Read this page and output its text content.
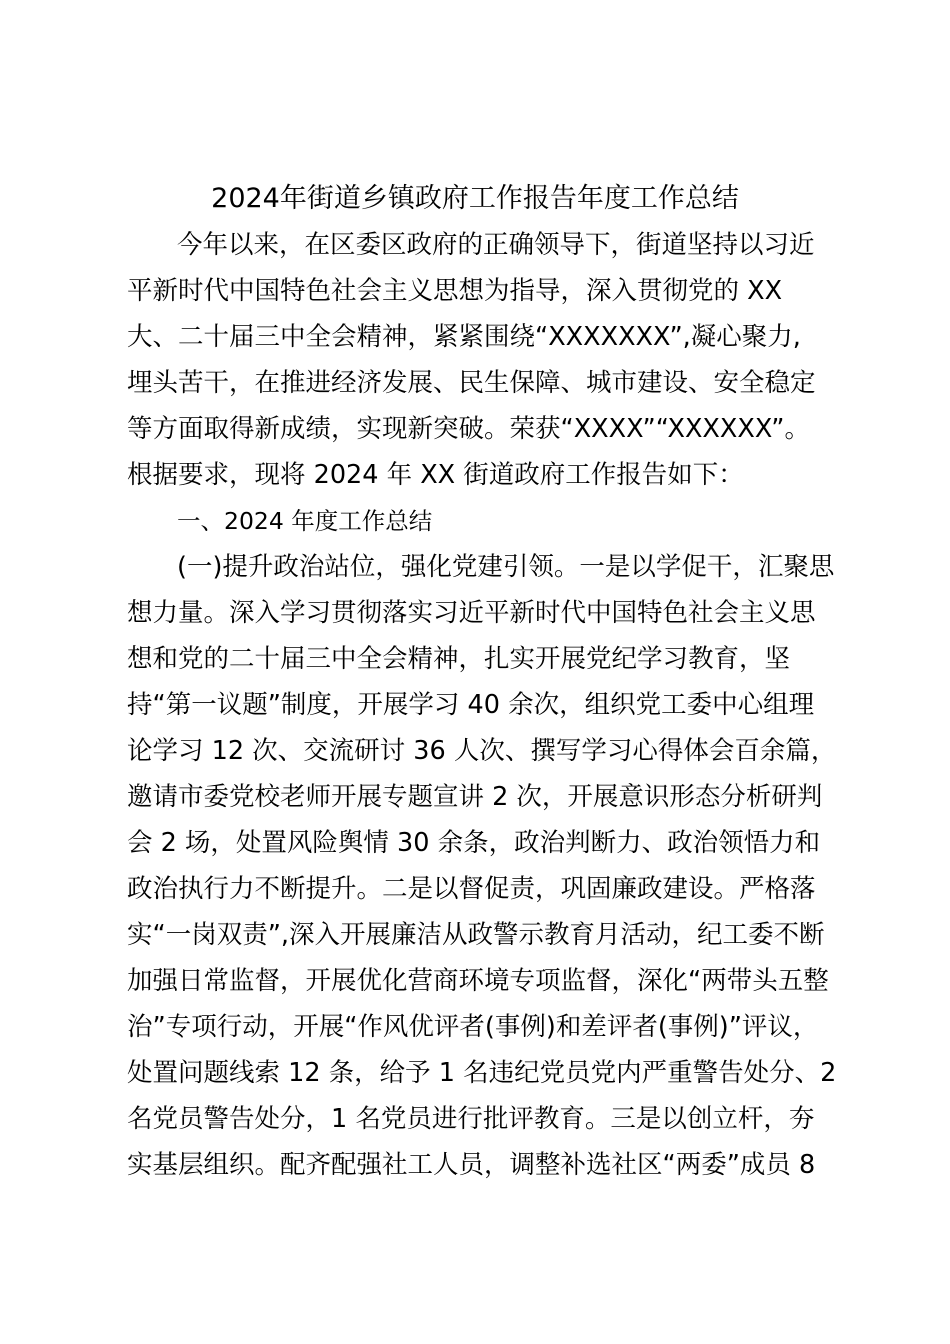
2024年街道乡镇政府工作报告年度工作总结
今年以来，在区委区政府的正确领导下，街道坚持以习近
平新时代中国特色社会主义思想为指导，深入贯彻党的 XX
大、二十届三中全会精神，紧紧围绕“XXXXXXX”,凝心聚力,
埋头苦干，在推进经济发展、民生保障、城市建设、安全稳定
等方面取得新成绩，实现新突破。荣获“XXXX”“XXXXXX”。
根据要求，现将 2024 年 XX 街道政府工作报告如下：
一、2024 年度工作总结
(一)提升政治站位，强化党建引领。一是以学促干，汇聚思
想力量。深入学习贯彻落实习近平新时代中国特色社会主义思
想和党的二十届三中全会精神，扎实开展党纪学习教育，坚
持“第一议题”制度，开展学习 40 余次，组织党工委中心组理
论学习 12 次、交流研讨 36 人次、撰写学习心得体会百余篇，
邀请市委党校老师开展专题宣讲 2 次，开展意识形态分析研判
会 2 场，处置风险舆情 30 余条，政治判断力、政治领悟力和
政治执行力不断提升。二是以督促责，巩固廉政建设。严格落
实“一岗双责”,深入开展廉洁从政警示教育月活动，纪工委不断
加强日常监督，开展优化营商环境专项监督，深化“两带头五整
治”专项行动，开展“作风优评者(事例)和差评者(事例)”评议，
处置问题线索 12 条，给予 1 名违纪党员党内严重警告处分、2
名党员警告处分，1 名党员进行批评教育。三是以创立杆，夯
实基层组织。配齐配强社工人员，调整补选社区“两委”成员 8
